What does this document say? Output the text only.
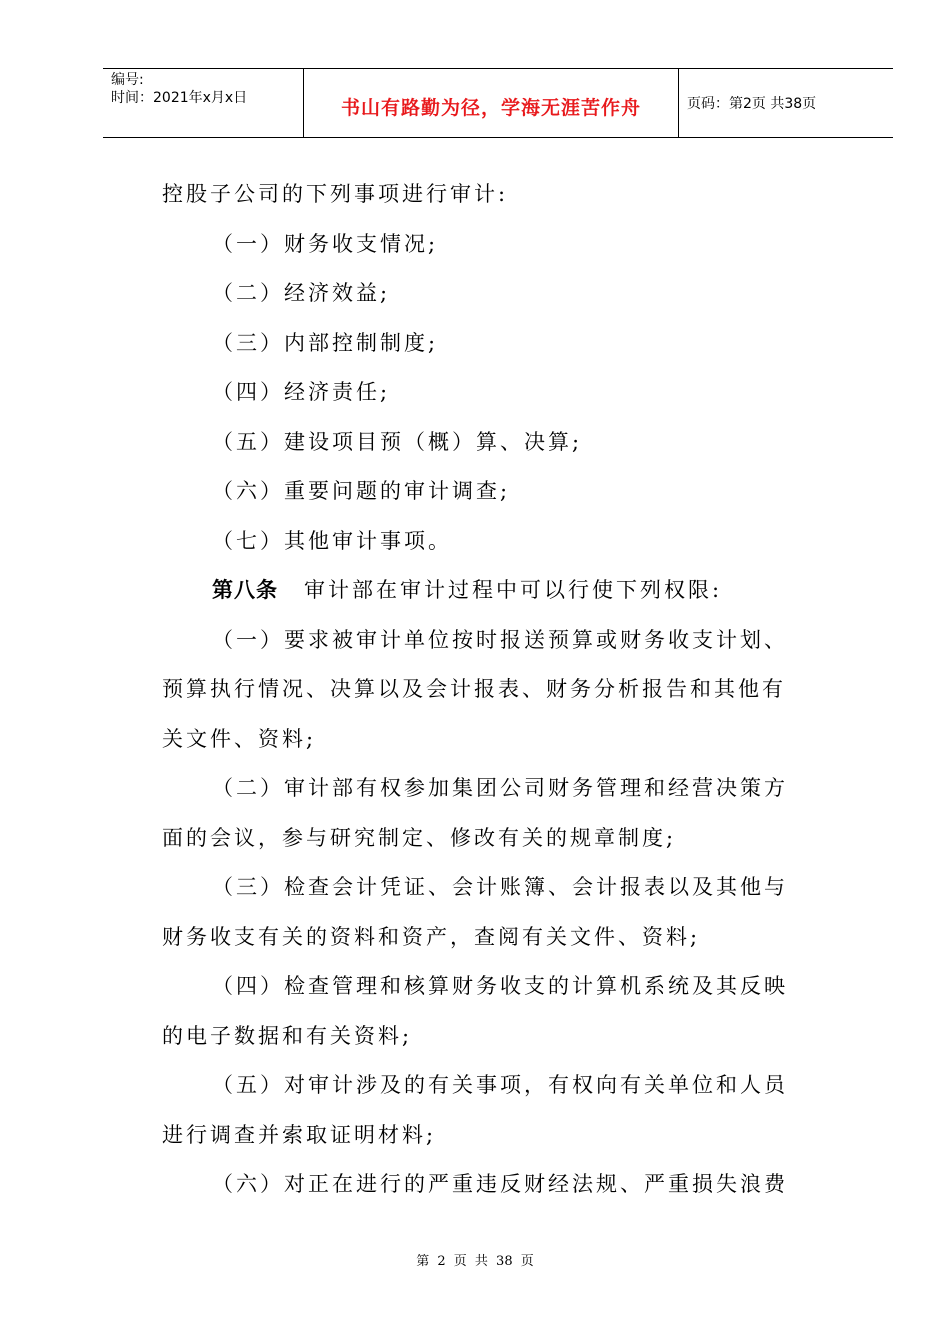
编号:
时间：2021年x月x日	书山有路勤为径，学海无涯苦作舟	页码：第2页 共38页
控股子公司的下列事项进行审计:
（一）财务收支情况;
（二）经济效益;
（三）内部控制制度;
（四）经济责任;
（五）建设项目预（概）算、决算;
（六）重要问题的审计调查;
（七）其他审计事项。
第八条 审计部在审计过程中可以行使下列权限:
（一）要求被审计单位按时报送预算或财务收支计划、
预算执行情况、决算以及会计报表、财务分析报告和其他有
关文件、资料;
（二）审计部有权参加集团公司财务管理和经营决策方
面的会议，参与研究制定、修改有关的规章制度;
（三）检查会计凭证、会计账簿、会计报表以及其他与
财务收支有关的资料和资产，查阅有关文件、资料;
（四）检查管理和核算财务收支的计算机系统及其反映
的电子数据和有关资料;
（五）对审计涉及的有关事项，有权向有关单位和人员
进行调查并索取证明材料;
（六）对正在进行的严重违反财经法规、严重损失浪费
第 2 页 共 38 页
